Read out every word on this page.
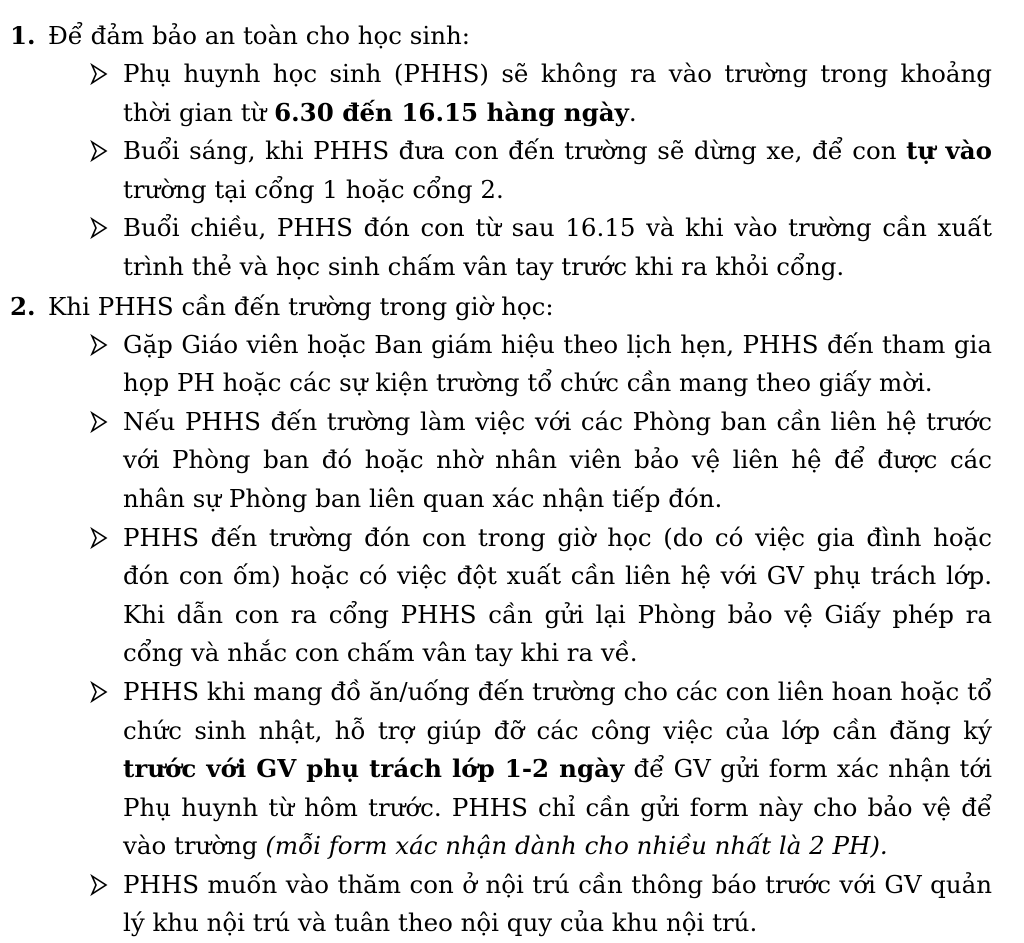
1. Để đảm bảo an toàn cho học sinh:
Phụ huynh học sinh (PHHS) sẽ không ra vào trường trong khoảng thời gian từ 6.30 đến 16.15 hàng ngày.
Buổi sáng, khi PHHS đưa con đến trường sẽ dừng xe, để con tự vào trường tại cổng 1 hoặc cổng 2.
Buổi chiều, PHHS đón con từ sau 16.15 và khi vào trường cần xuất trình thẻ và học sinh chấm vân tay trước khi ra khỏi cổng.
2. Khi PHHS cần đến trường trong giờ học:
Gặp Giáo viên hoặc Ban giám hiệu theo lịch hẹn, PHHS đến tham gia họp PH hoặc các sự kiện trường tổ chức cần mang theo giấy mời.
Nếu PHHS đến trường làm việc với các Phòng ban cần liên hệ trước với Phòng ban đó hoặc nhờ nhân viên bảo vệ liên hệ để được các nhân sự Phòng ban liên quan xác nhận tiếp đón.
PHHS đến trường đón con trong giờ học (do có việc gia đình hoặc đón con ốm) hoặc có việc đột xuất cần liên hệ với GV phụ trách lớp. Khi dẫn con ra cổng PHHS cần gửi lại Phòng bảo vệ Giấy phép ra cổng và nhắc con chấm vân tay khi ra về.
PHHS khi mang đồ ăn/uống đến trường cho các con liên hoan hoặc tổ chức sinh nhật, hỗ trợ giúp đỡ các công việc của lớp cần đăng ký trước với GV phụ trách lớp 1-2 ngày để GV gửi form xác nhận tới Phụ huynh từ hôm trước. PHHS chỉ cần gửi form này cho bảo vệ để vào trường (mỗi form xác nhận dành cho nhiều nhất là 2 PH).
PHHS muốn vào thăm con ở nội trú cần thông báo trước với GV quản lý khu nội trú và tuân theo nội quy của khu nội trú.
